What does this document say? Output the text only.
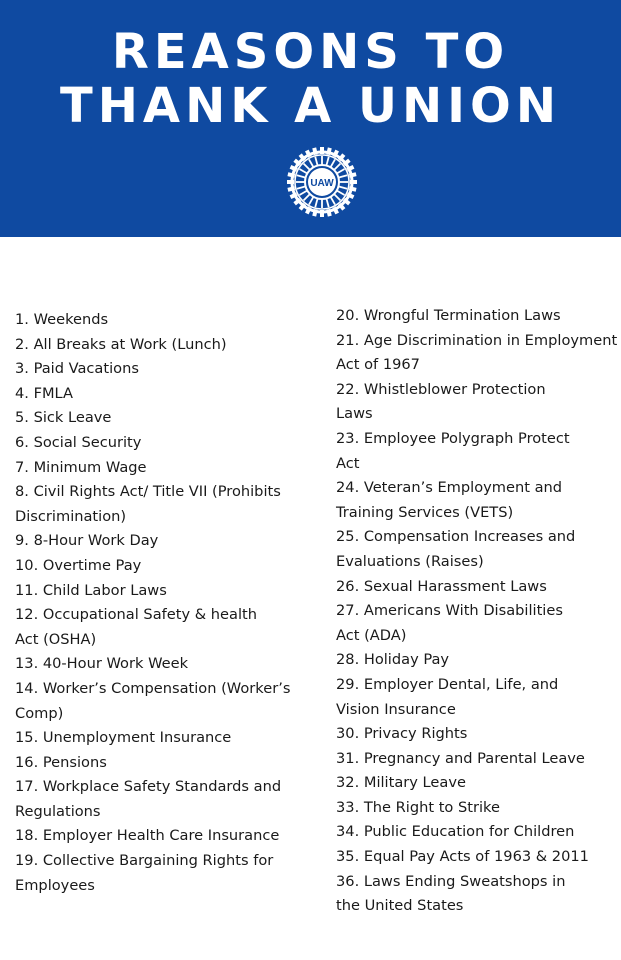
REASONS TO
THANK A UNION
UAW
1. Weekends
2. All Breaks at Work (Lunch)
3. Paid Vacations
4. FMLA
5. Sick Leave
6. Social Security
7. Minimum Wage
8. Civil Rights Act/ Title VII (Prohibits
Discrimination)
9. 8-Hour Work Day
10. Overtime Pay
11. Child Labor Laws
12. Occupational Safety & health
Act (OSHA)
13. 40-Hour Work Week
14. Worker’s Compensation (Worker’s
Comp)
15. Unemployment Insurance
16. Pensions
17. Workplace Safety Standards and
Regulations
18. Employer Health Care Insurance
19. Collective Bargaining Rights for
Employees
20. Wrongful Termination Laws
21. Age Discrimination in Employment
Act of 1967
22. Whistleblower Protection
Laws
23. Employee Polygraph Protect
Act
24. Veteran’s Employment and
Training Services (VETS)
25. Compensation Increases and
Evaluations (Raises)
26. Sexual Harassment Laws
27. Americans With Disabilities
Act (ADA)
28. Holiday Pay
29. Employer Dental, Life, and
Vision Insurance
30. Privacy Rights
31. Pregnancy and Parental Leave
32. Military Leave
33. The Right to Strike
34. Public Education for Children
35. Equal Pay Acts of 1963 & 2011
36. Laws Ending Sweatshops in
the United States
